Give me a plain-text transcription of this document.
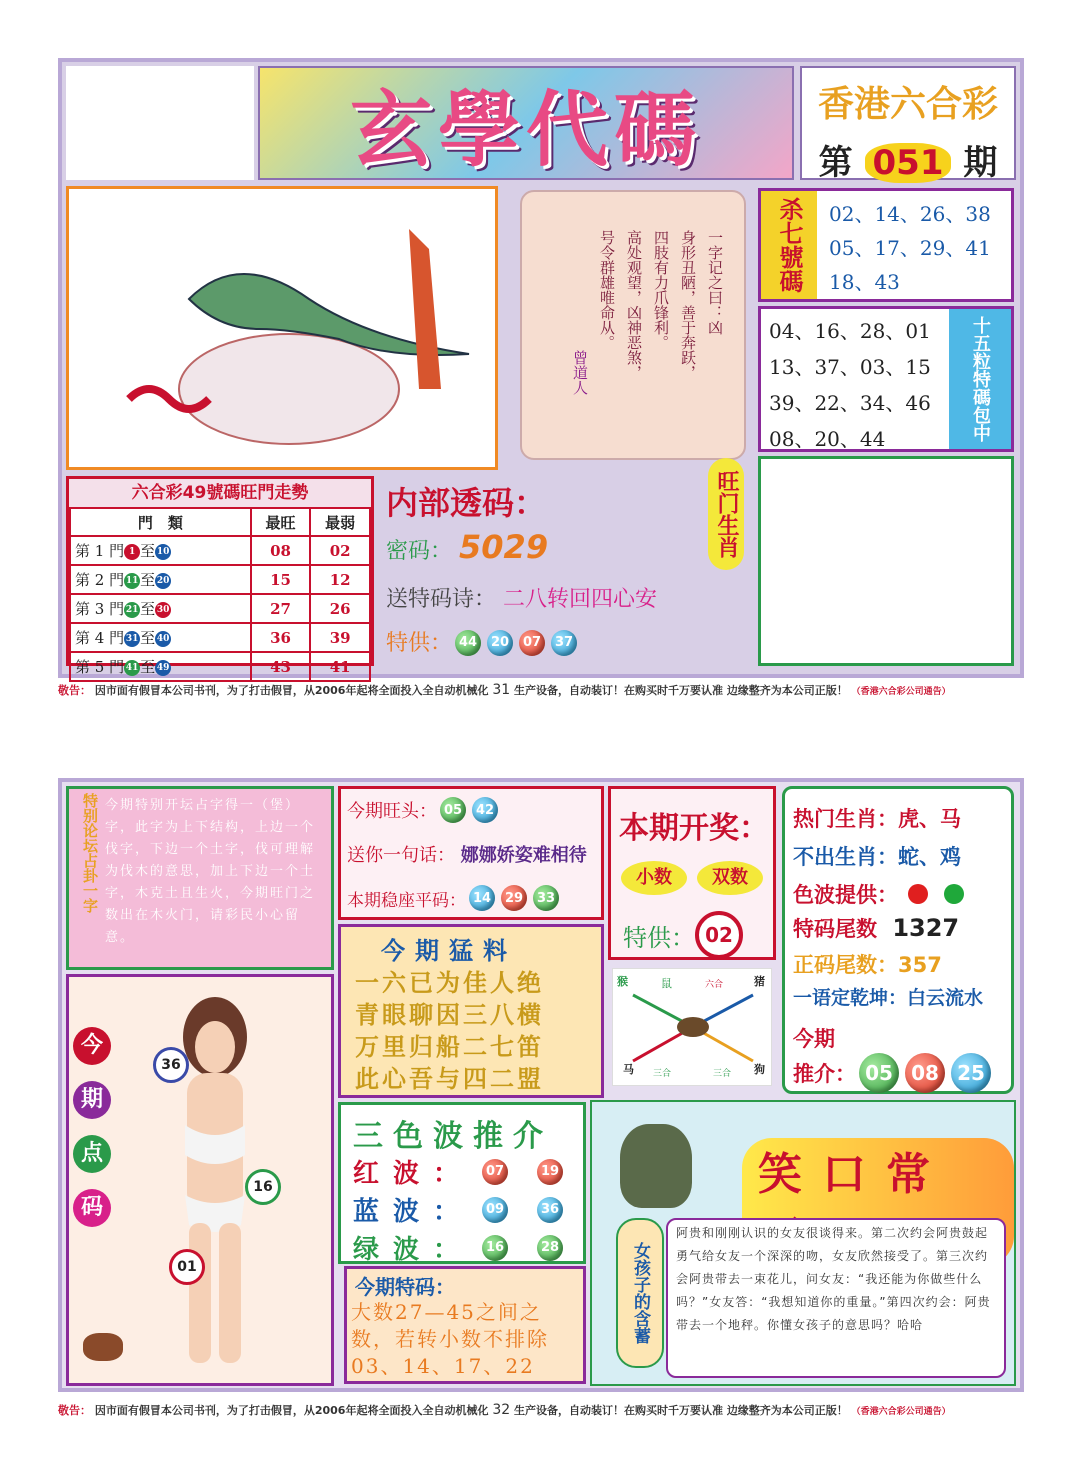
玄學代碼	香港六合彩
第 051 期
一字记之曰：凶
身形丑陋，善于奔跃，
四肢有力爪锋利。
高处观望，凶神恶煞，
号令群雄唯命从。
曾道人
杀七號碼	02、14、26、38
05、17、29、41
18、43
04、16、28、01
13、37、03、15
39、22、34、46
08、20、44	十五粒特碼包中
六合彩49號碼旺門走勢
門　類	最旺	最弱
第 1 門 1 至 10	08	02
第 2 門 11 至 20	15	12
第 3 門 21 至 30	27	26
第 4 門 31 至 40	36	39
第 5 門 41 至 49	43	41
内部透码：
密码： 5029
送特码诗： 二八转回四心安
特供： 44 20 07 37
旺门生肖
敬告： 因市面有假冒本公司书刊，为了打击假冒，从2006年起将全面投入全自动机械化 31 生产设备，自动装订！在购买时千万要认准 边缘整齐为本公司正版！ （香港六合彩公司通告）
特别论坛占卦一字 今期特别开坛占字得一（堡）字，此字为上下结构，上边一个伐字，下边一个土字，伐可理解为伐木的意思，加上下边一个土字，木克土且生火，今期旺门之数出在木火门，请彩民小心留意。
今期旺头： 05 42
送你一句话： 娜娜娇姿难相待
本期稳座平码： 14 29 33
本期开奖：
小数	双数
特供： 02
热门生肖：虎、马
不出生肖：蛇、鸡
色波提供：
特码尾数 1327
正码尾数：357
一语定乾坤：白云流水
今期
推介： 05 08 25
今
期
点
码
36
16
01
今期猛料
一六已为佳人绝
青眼聊因三八横
万里归船二七笛
此心吾与四二盟
猴	鼠	六合	猪
马 三合	三合 狗
三色波推介
红波： 07	19
蓝波： 09	36
绿波： 16	28
今期特码：
大数27—45之间之数，若转小数不排除03、14、17、22
笑口常
女孩子的含蓄
阿贵和刚刚认识的女友很谈得来。第二次约会阿贵鼓起勇气给女友一个深深的吻，女友欣然接受了。第三次约会阿贵带去一束花儿，问女友：“我还能为你做些什么吗？”女友答：“我想知道你的重量。”第四次约会：阿贵带去一个地秤。你懂女孩子的意思吗？哈哈
敬告： 因市面有假冒本公司书刊，为了打击假冒，从2006年起将全面投入全自动机械化 32 生产设备，自动装订！在购买时千万要认准 边缘整齐为本公司正版！ （香港六合彩公司通告）
